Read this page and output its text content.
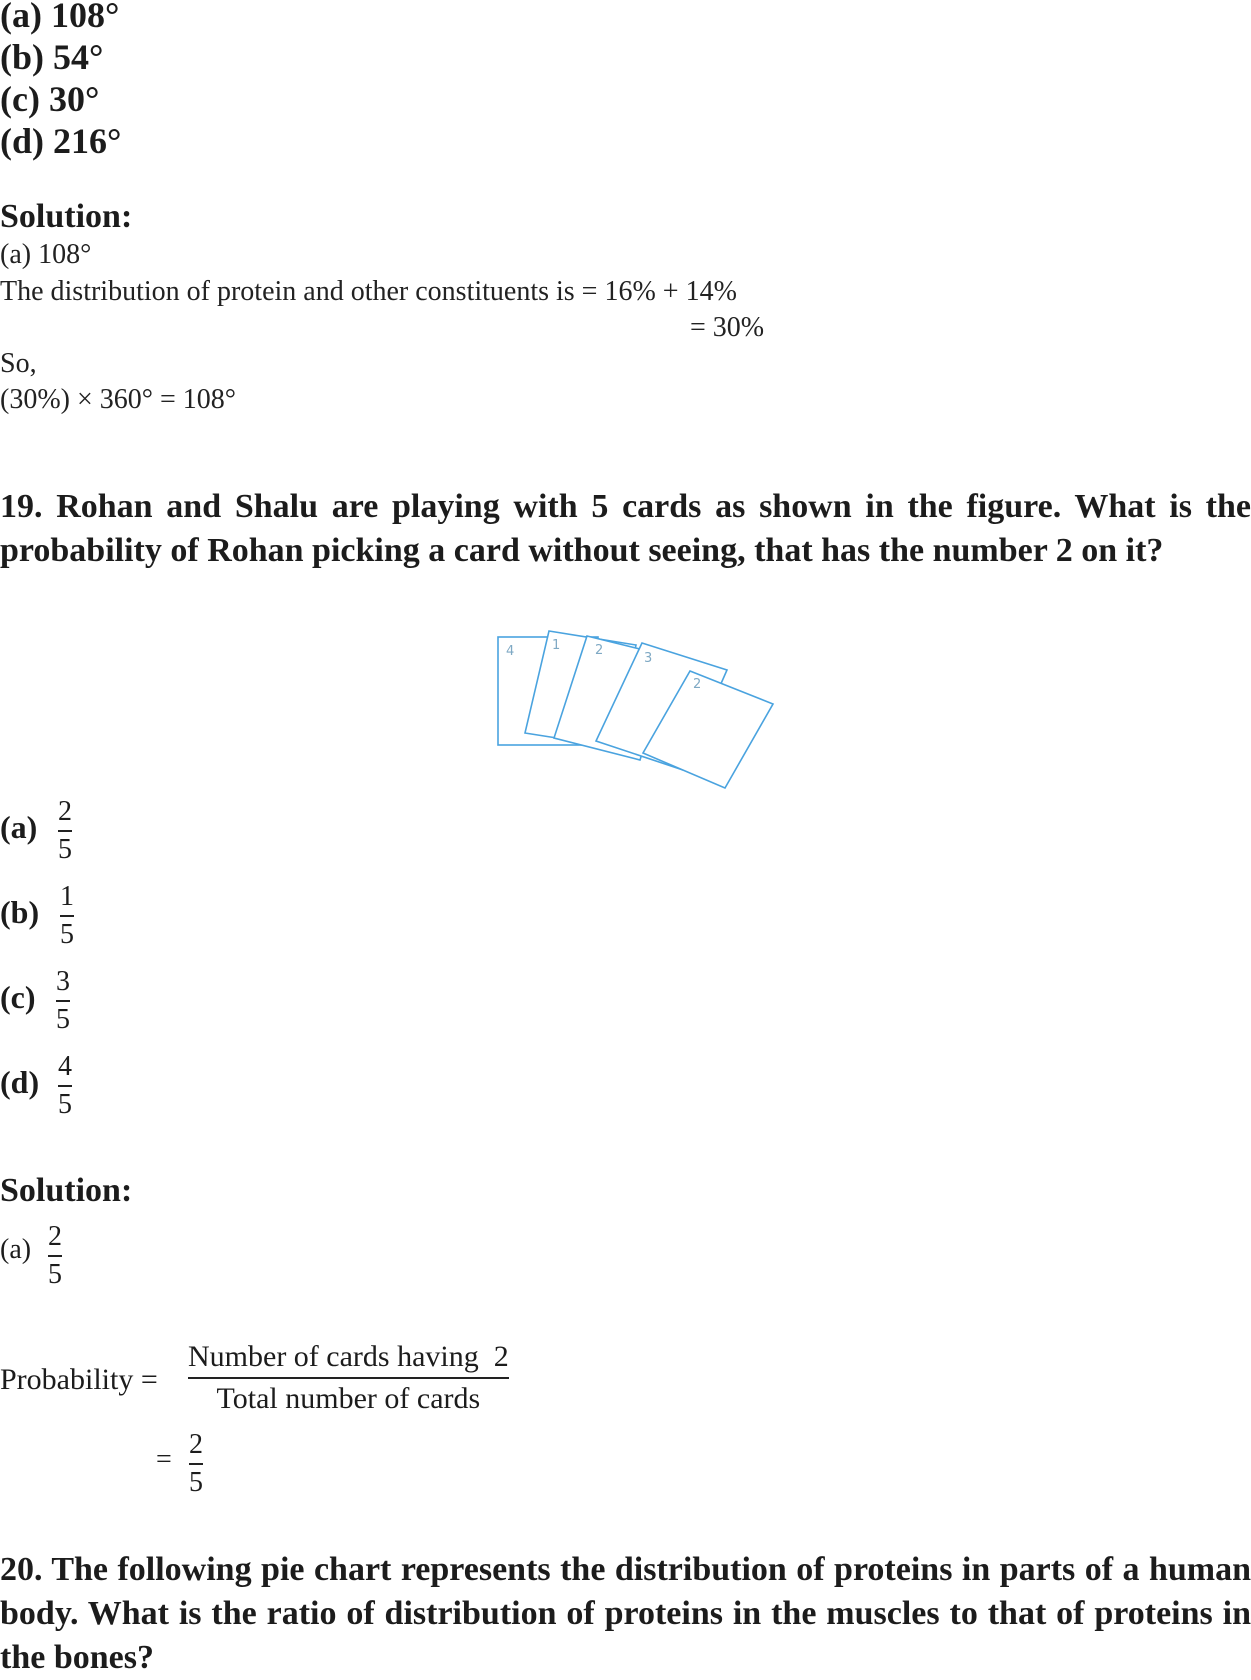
(a) 108°
(b) 54°
(c) 30°
(d) 216°
Solution:
(a) 108°
The distribution of protein and other constituents is = 16% + 14%
= 30%
So,
(30%) × 360° = 108°
19. Rohan and Shalu are playing with 5 cards as shown in the figure. What is the probability of Rohan picking a card without seeing, that has the number 2 on it?
4	1	2
3
2
(a) 2
5
(b) 1
5
(c) 3
5
(d) 4
5
Solution:
(a) 2
5
Probability =
Number of cards having  2
Total number of cards
= 2
5
20. The following pie chart represents the distribution of proteins in parts of a human body. What is the ratio of distribution of proteins in the muscles to that of proteins in the bones?
